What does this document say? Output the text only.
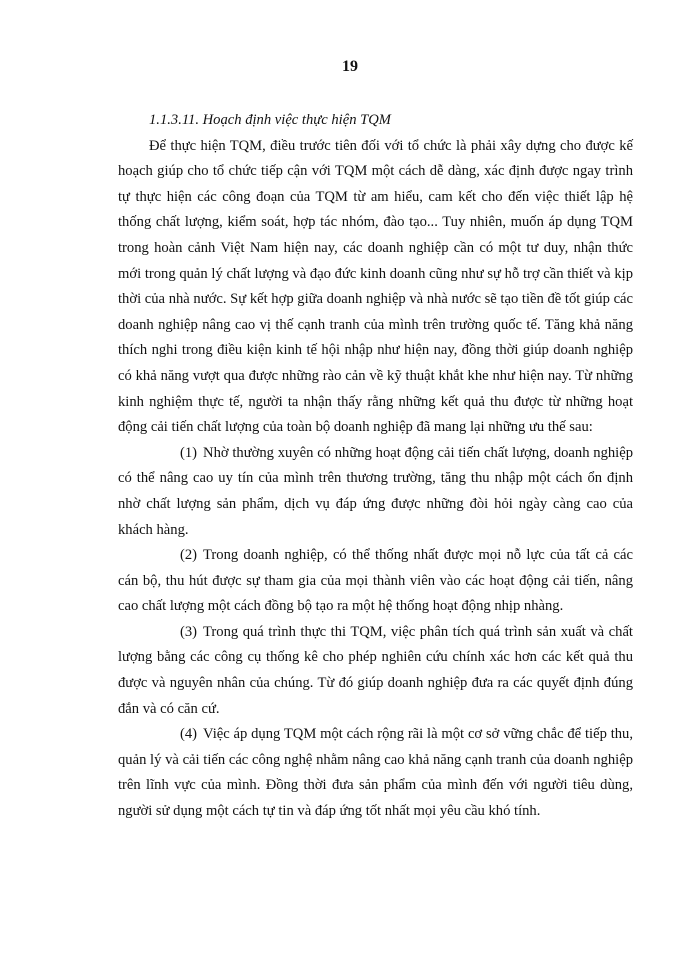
19

1.1.3.11. Hoạch định việc thực hiện TQM

Để thực hiện TQM, điều trước tiên đối với tổ chức là phải xây dựng cho được kế hoạch giúp cho tổ chức tiếp cận với TQM một cách dễ dàng, xác định được ngay trình tự thực hiện các công đoạn của TQM từ am hiểu, cam kết cho đến việc thiết lập hệ thống chất lượng, kiểm soát, hợp tác nhóm, đào tạo... Tuy nhiên, muốn áp dụng TQM trong hoàn cảnh Việt Nam hiện nay, các doanh nghiệp cần có một tư duy, nhận thức mới trong quản lý chất lượng và đạo đức kinh doanh cũng như sự hỗ trợ cần thiết và kịp thời của nhà nước. Sự kết hợp giữa doanh nghiệp và nhà nước sẽ tạo tiền đề tốt giúp các doanh nghiệp nâng cao vị thế cạnh tranh của mình trên trường quốc tế. Tăng khả năng thích nghi trong điều kiện kinh tế hội nhập như hiện nay, đồng thời giúp doanh nghiệp có khả năng vượt qua được những rào cản về kỹ thuật khắt khe như hiện nay. Từ những kinh nghiệm thực tế, người ta nhận thấy rằng những kết quả thu được từ những hoạt động cải tiến chất lượng của toàn bộ doanh nghiệp đã mang lại những ưu thế sau:

(1) Nhờ thường xuyên có những hoạt động cải tiến chất lượng, doanh nghiệp có thể nâng cao uy tín của mình trên thương trường, tăng thu nhập một cách ổn định nhờ chất lượng sản phẩm, dịch vụ đáp ứng được những đòi hỏi ngày càng cao của khách hàng.

(2) Trong doanh nghiệp, có thể thống nhất được mọi nỗ lực của tất cả các cán bộ, thu hút được sự tham gia của mọi thành viên vào các hoạt động cải tiến, nâng cao chất lượng một cách đồng bộ tạo ra một hệ thống hoạt động nhịp nhàng.

(3) Trong quá trình thực thi TQM, việc phân tích quá trình sản xuất và chất lượng bằng các công cụ thống kê cho phép nghiên cứu chính xác hơn các kết quả thu được và nguyên nhân của chúng. Từ đó giúp doanh nghiệp đưa ra các quyết định đúng đắn và có căn cứ.

(4) Việc áp dụng TQM một cách rộng rãi là một cơ sở vững chắc để tiếp thu, quản lý và cải tiến các công nghệ nhằm nâng cao khả năng cạnh tranh của doanh nghiệp trên lĩnh vực của mình. Đồng thời đưa sản phẩm của mình đến với người tiêu dùng, người sử dụng một cách tự tin và đáp ứng tốt nhất mọi yêu cầu khó tính.
